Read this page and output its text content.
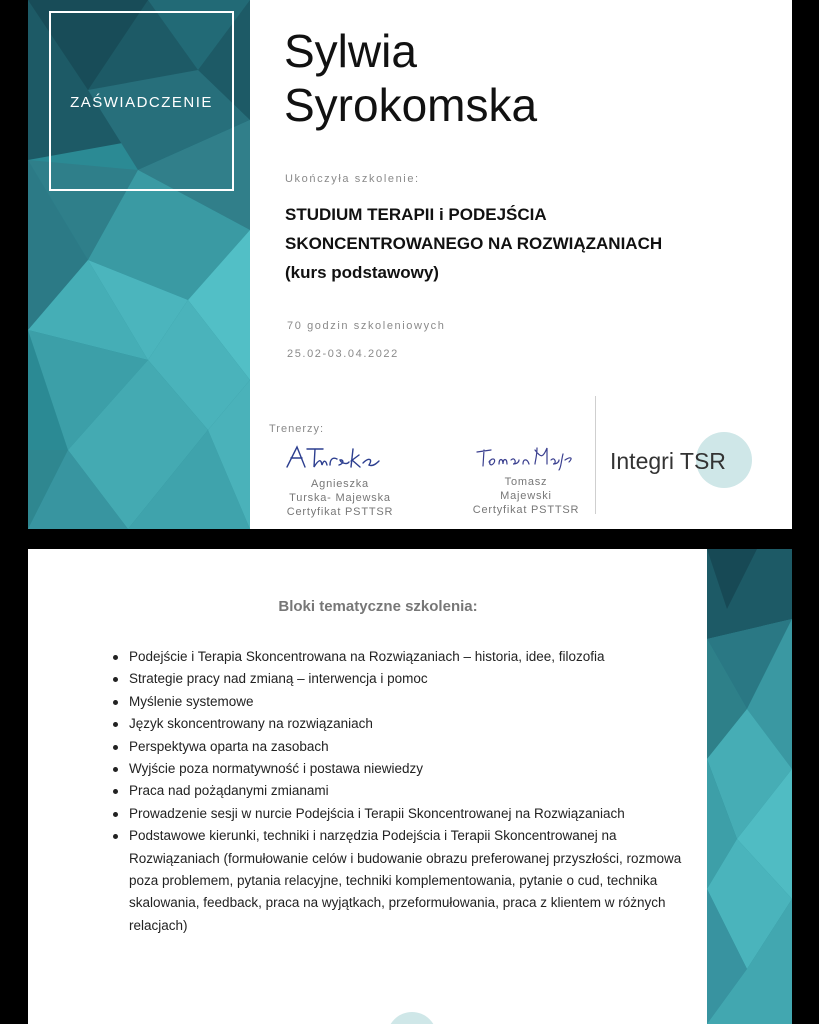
ZAŚWIADCZENIE
Sylwia
Syrokomska
Ukończyła szkolenie:
STUDIUM TERAPII i PODEJŚCIA
SKONCENTROWANEGO NA ROZWIĄZANIACH
(kurs podstawowy)
70 godzin szkoleniowych
25.02-03.04.2022
Trenerzy:
Agnieszka
Turska- Majewska
Certyfikat PSTTSR
Tomasz
Majewski
Certyfikat PSTTSR
Integri TSR
Bloki tematyczne szkolenia:
Podejście i Terapia Skoncentrowana na Rozwiązaniach – historia, idee, filozofia
Strategie pracy nad zmianą – interwencja i pomoc
Myślenie systemowe
Język skoncentrowany na rozwiązaniach
Perspektywa oparta na zasobach
Wyjście poza normatywność i postawa niewiedzy
Praca nad pożądanymi zmianami
Prowadzenie sesji w nurcie Podejścia i Terapii Skoncentrowanej na Rozwiązaniach
Podstawowe kierunki, techniki i narzędzia Podejścia i Terapii Skoncentrowanej na Rozwiązaniach (formułowanie celów i budowanie obrazu preferowanej przyszłości, rozmowa poza problemem, pytania relacyjne, techniki komplementowania, pytanie o cud, technika skalowania, feedback, praca na wyjątkach, przeformułowania, praca z klientem w różnych relacjach)
